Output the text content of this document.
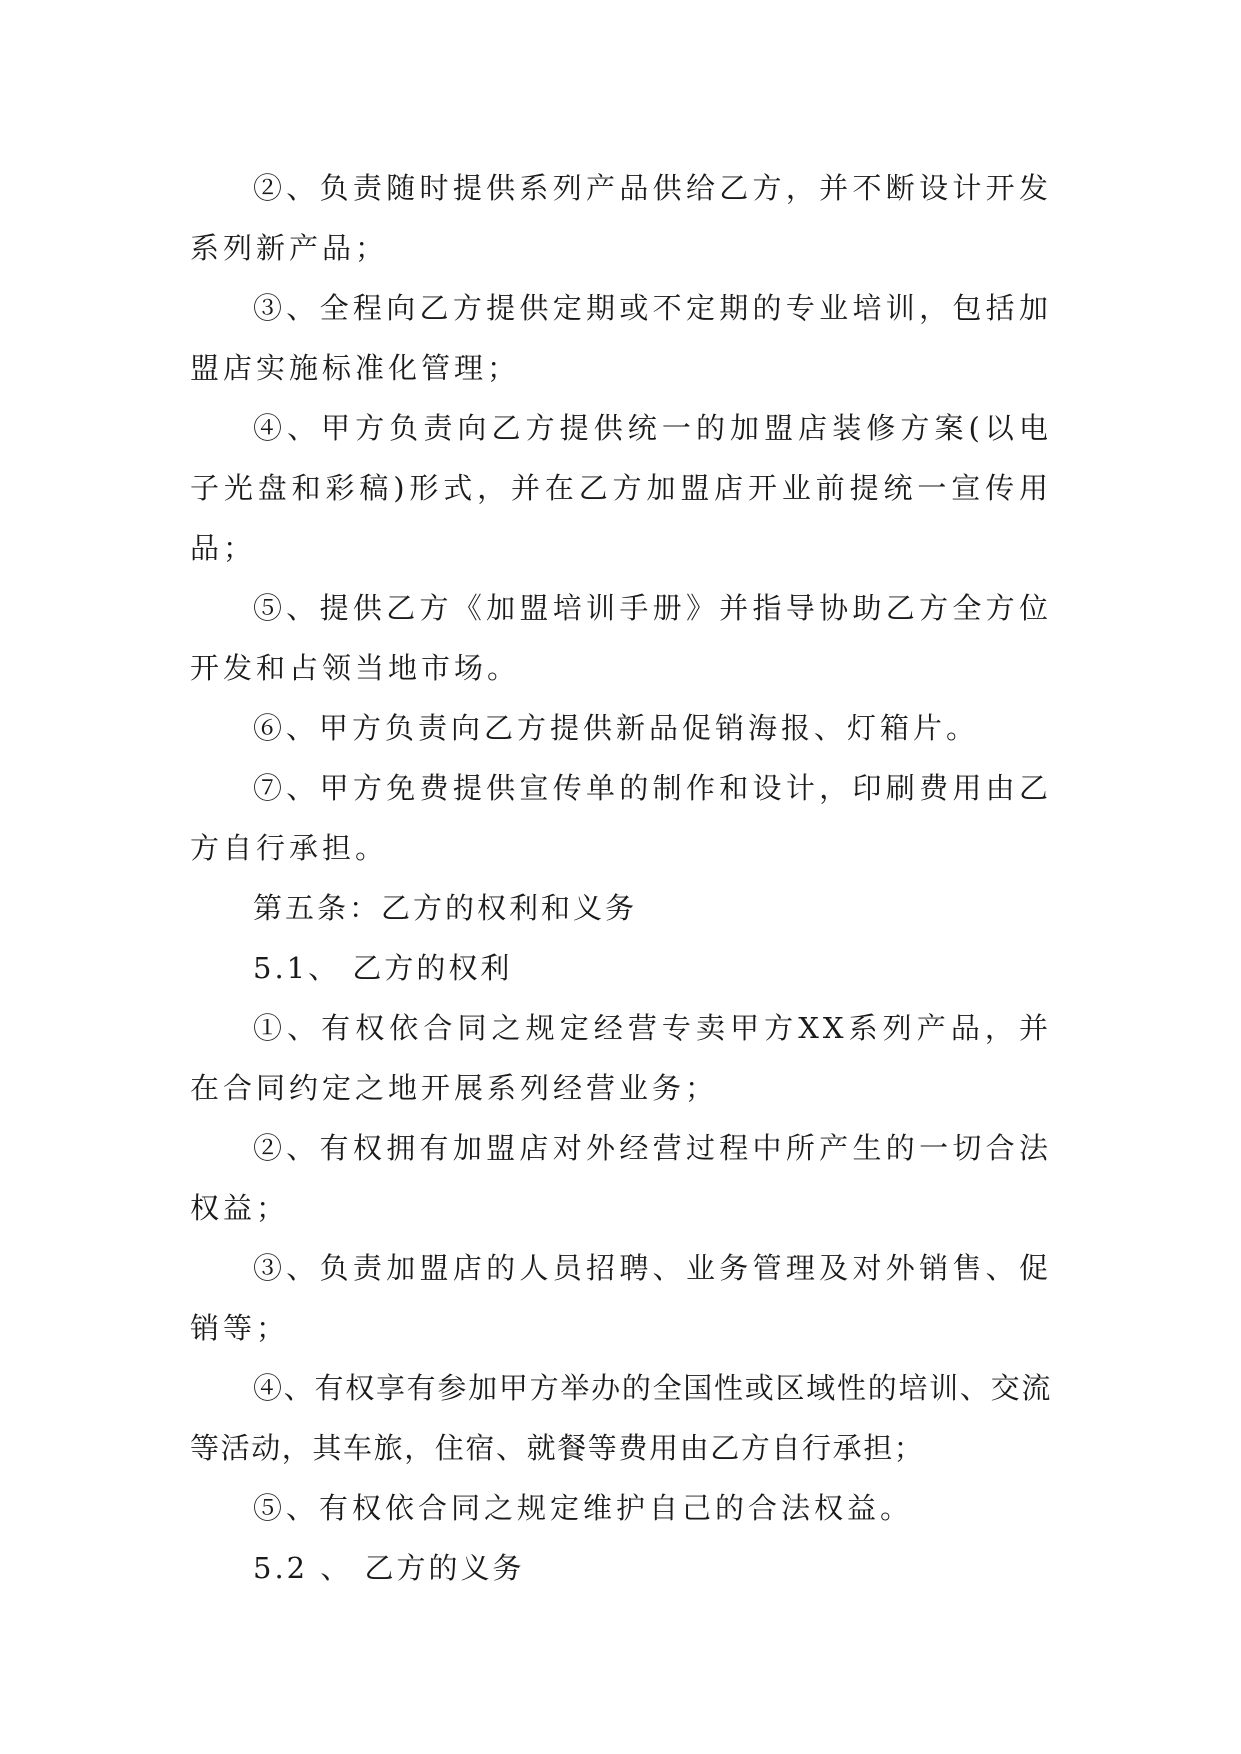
②、负责随时提供系列产品供给乙方，并不断设计开发系列新产品；

③、全程向乙方提供定期或不定期的专业培训，包括加盟店实施标准化管理；

④、甲方负责向乙方提供统一的加盟店装修方案(以电子光盘和彩稿)形式，并在乙方加盟店开业前提统一宣传用品；

⑤、提供乙方《加盟培训手册》并指导协助乙方全方位开发和占领当地市场。

⑥、甲方负责向乙方提供新品促销海报、灯箱片。

⑦、甲方免费提供宣传单的制作和设计，印刷费用由乙方自行承担。

第五条：乙方的权利和义务

5.1、 乙方的权利

①、有权依合同之规定经营专卖甲方XX系列产品，并在合同约定之地开展系列经营业务；

②、有权拥有加盟店对外经营过程中所产生的一切合法权益；

③、负责加盟店的人员招聘、业务管理及对外销售、促销等；

④、有权享有参加甲方举办的全国性或区域性的培训、交流等活动，其车旅，住宿、就餐等费用由乙方自行承担；

⑤、有权依合同之规定维护自己的合法权益。

5.2 、 乙方的义务
